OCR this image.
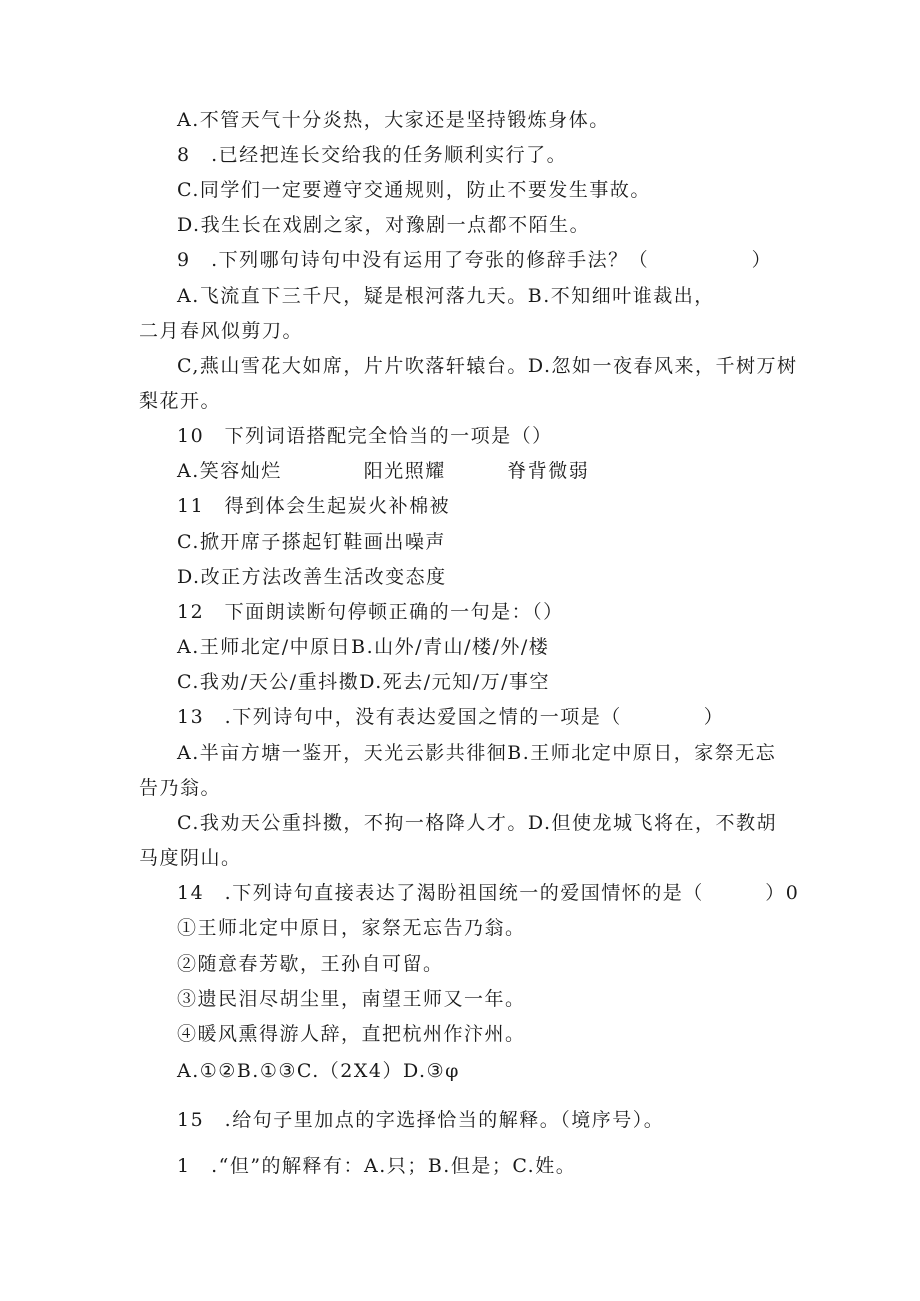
A.不管天气十分炎热，大家还是坚持锻炼身体。
8 .已经把连长交给我的任务顺利实行了。
C.同学们一定要遵守交通规则，防止不要发生事故。
D.我生长在戏剧之家，对豫剧一点都不陌生。
9 .下列哪句诗句中没有运用了夸张的修辞手法？（     ）
A.飞流直下三千尺，疑是根河落九天。B.不知细叶谁裁出，
二月春风似剪刀。
C,燕山雪花大如席，片片吹落轩辕台。D.忽如一夜春风来，千树万树
梨花开。
10 下列词语搭配完全恰当的一项是（）
A.笑容灿烂    阳光照耀   脊背微弱
11 得到体会生起炭火补棉被
C.掀开席子搽起钉鞋画出噪声
D.改正方法改善生活改变态度
12 下面朗读断句停顿正确的一句是：（）
A.王师北定/中原日B.山外/青山/楼/外/楼
C.我劝/天公/重抖擞D.死去/元知/万/事空
13 .下列诗句中，没有表达爱国之情的一项是（    ）
A.半亩方塘一鉴开，天光云影共徘徊B.王师北定中原日，家祭无忘
告乃翁。
C.我劝天公重抖擞，不拘一格降人才。D.但使龙城飞将在，不教胡
马度阴山。
14 .下列诗句直接表达了渴盼祖国统一的爱国情怀的是（   ）0
①王师北定中原日，家祭无忘告乃翁。
②随意春芳歇，王孙自可留。
③遗民泪尽胡尘里，南望王师又一年。
④暖风熏得游人辞，直把杭州作汴州。
A.①②B.①③C.（2X4）D.③φ
15 .给句子里加点的字选择恰当的解释。（境序号）。
1 .“但”的解释有：A.只；B.但是；C.姓。
